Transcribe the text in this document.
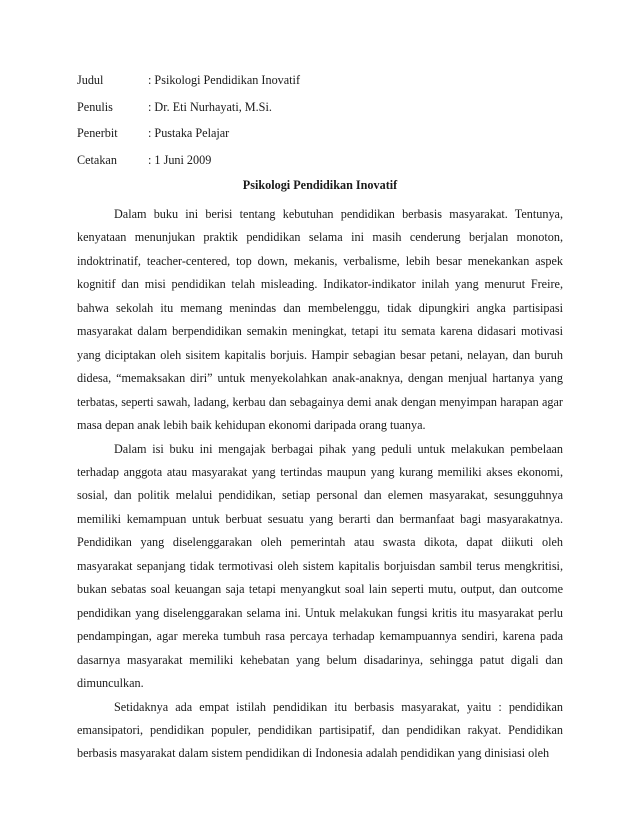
Judul	: Psikologi Pendidikan Inovatif
Penulis	: Dr. Eti Nurhayati, M.Si.
Penerbit : Pustaka Pelajar
Cetakan	: 1 Juni 2009
Psikologi Pendidikan Inovatif

Dalam buku ini berisi tentang kebutuhan pendidikan berbasis masyarakat. Tentunya, kenyataan menunjukan praktik pendidikan selama ini masih cenderung berjalan monoton, indoktrinatif, teacher-centered, top down, mekanis, verbalisme, lebih besar menekankan aspek kognitif dan misi pendidikan telah misleading. Indikator-indikator inilah yang menurut Freire, bahwa sekolah itu memang menindas dan membelenggu, tidak dipungkiri angka partisipasi masyarakat dalam berpendidikan semakin meningkat, tetapi itu semata karena didasari motivasi yang diciptakan oleh sisitem kapitalis borjuis. Hampir sebagian besar petani, nelayan, dan buruh didesa, “memaksakan diri” untuk menyekolahkan anak-anaknya, dengan menjual hartanya yang terbatas, seperti sawah, ladang, kerbau dan sebagainya demi anak dengan menyimpan harapan agar masa depan anak lebih baik kehidupan ekonomi daripada orang tuanya.

Dalam isi buku ini mengajak berbagai pihak yang peduli untuk melakukan pembelaan terhadap anggota atau masyarakat yang tertindas maupun yang kurang memiliki akses ekonomi, sosial, dan politik melalui pendidikan, setiap personal dan elemen masyarakat, sesungguhnya memiliki kemampuan untuk berbuat sesuatu yang berarti dan bermanfaat bagi masyarakatnya. Pendidikan yang diselenggarakan oleh pemerintah atau swasta dikota, dapat diikuti oleh masyarakat sepanjang tidak termotivasi oleh sistem kapitalis borjuisdan sambil terus mengkritisi, bukan sebatas soal keuangan saja tetapi menyangkut soal lain seperti mutu, output, dan outcome pendidikan yang diselenggarakan selama ini. Untuk melakukan fungsi kritis itu masyarakat perlu pendampingan, agar mereka tumbuh rasa percaya terhadap kemampuannya sendiri, karena pada dasarnya masyarakat memiliki kehebatan yang belum disadarinya, sehingga patut digali dan dimunculkan.

Setidaknya ada empat istilah pendidikan itu berbasis masyarakat, yaitu : pendidikan emansipatori, pendidikan populer, pendidikan partisipatif, dan pendidikan rakyat. Pendidikan berbasis masyarakat dalam sistem pendidikan di Indonesia adalah pendidikan yang dinisiasi oleh
